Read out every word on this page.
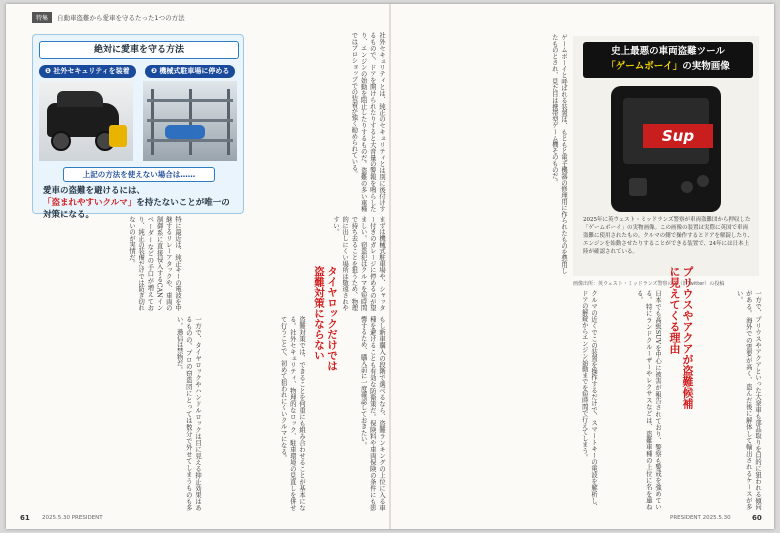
特集	自動車盗難から愛車を守るたった1つの方法
絶対に愛車を守る方法
❶ 社外セキュリティを装着	❷ 機械式駐車場に停める
上記の方法を使えない場合は……
愛車の盗難を避けるには、「盗まれやすいクルマ」を持たないことが唯一の対策になる。
社外セキュリティとは、純正のセキュリティとは別に後付けするもので、ドアを開けられたりすると大音量の警報を鳴らしたり、エンジンの始動を阻止したりするものだ。盗難の多い車種ではプロショップでの装着が強く勧められている。
特に最近は、純正キーの電波を中継するリレーアタックや、車両の制御系に直接侵入するCANインベーダーなどの手口が増えており、純正の装備だけでは防ぎ切れないのが実情だ。	まずは機械式駐車場や、シャッター付きのガレージに停めるのが望ましい。窃盗犯はクルマを短時間で持ち去ることを狙うため、物理的に出しにくい場所は敬遠されやすい。
一方で、タイヤロックやハンドルロックは目に見える抑止効果はあるものの、プロの窃盗団にとっては数分で外せてしまうものも多い。過信は禁物だ。	盗難対策では、できることを何重にも組み合わせることが基本になる。社外セキュリティ、物理的なロック、駐車環境の見直しを併せて行うことで、初めて狙われにくいクルマになる。	タイヤロックだけでは盗難対策にならない
もし新車購入の段階で選べるなら、盗難ランキングの上位に入る車種を避けることも有効な防衛策だ。保険料や車両保険の条件にも影響するため、購入前に一度確認しておきたい。
61 2025.5.30 PRESIDENT
ゲームボーイと呼ばれる装置は、もともと電子機器の修理用に作られたものを悪用したものとされ、見た目は携帯型ゲーム機そのものだ。	史上最悪の車両盗難ツール
「ゲームボーイ」の実物画像
Sup
2025年に英ウェスト・ミッドランズ警察が車両盗難団から押収した「ゲームボーイ」の実物画像。この画像の装置は実際に英国で車両盗難に使用されたもの。クルマの側で操作するとドアを解錠したり、エンジンを始動させたりすることができる装置で、24年には日本上陸が確認されている。
画像出所：英ウェスト・ミッドランズ警察の X（旧Twitter）の投稿
クルマの近くでこの装置を操作するだけで、スマートキーの電波を解析し、ドアの解錠からエンジン始動までを短時間で行えてしまう。	日本でも高級SUVを中心に被害が報告されており、警察も警戒を強めている。特にランドクルーザーやレクサスなどは、盗難車種の上位に名を連ねる。	プリウスやアクアが盗難候補に見えてくる理由	一方で、プリウスやアクアといった大衆車も部品取りを目的に狙われる傾向がある。海外での需要が高く、盗んだ後に解体して輸出されるケースが多い。
PRESIDENT 2025.5.30	60
